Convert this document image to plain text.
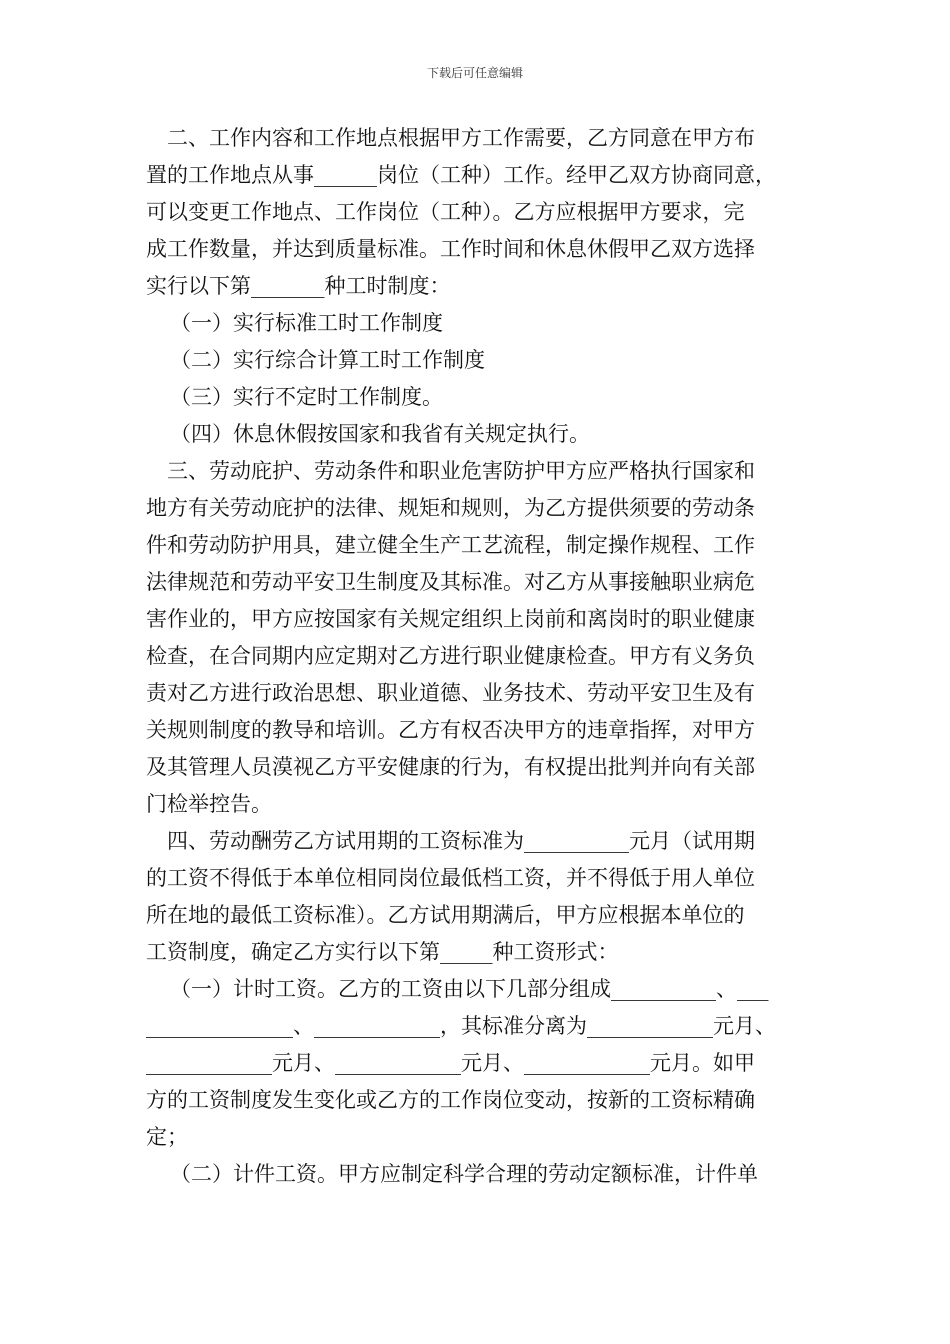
下载后可任意编辑
二、工作内容和工作地点根据甲方工作需要，乙方同意在甲方布
置的工作地点从事______岗位（工种）工作。经甲乙双方协商同意，
可以变更工作地点、工作岗位（工种）。乙方应根据甲方要求，完
成工作数量，并达到质量标准。工作时间和休息休假甲乙双方选择
实行以下第_______种工时制度：
（一）实行标准工时工作制度
（二）实行综合计算工时工作制度
（三）实行不定时工作制度。
（四）休息休假按国家和我省有关规定执行。
三、劳动庇护、劳动条件和职业危害防护甲方应严格执行国家和
地方有关劳动庇护的法律、规矩和规则，为乙方提供须要的劳动条
件和劳动防护用具，建立健全生产工艺流程，制定操作规程、工作
法律规范和劳动平安卫生制度及其标准。对乙方从事接触职业病危
害作业的，甲方应按国家有关规定组织上岗前和离岗时的职业健康
检查，在合同期内应定期对乙方进行职业健康检查。甲方有义务负
责对乙方进行政治思想、职业道德、业务技术、劳动平安卫生及有
关规则制度的教导和培训。乙方有权否决甲方的违章指挥，对甲方
及其管理人员漠视乙方平安健康的行为，有权提出批判并向有关部
门检举控告。
四、劳动酬劳乙方试用期的工资标准为__________元月（试用期
的工资不得低于本单位相同岗位最低档工资，并不得低于用人单位
所在地的最低工资标准）。乙方试用期满后，甲方应根据本单位的
工资制度，确定乙方实行以下第_____种工资形式：
（一）计时工资。乙方的工资由以下几部分组成__________、___
______________、____________，其标准分离为____________元月、
____________元月、____________元月、____________元月。如甲
方的工资制度发生变化或乙方的工作岗位变动，按新的工资标精确
定；
（二）计件工资。甲方应制定科学合理的劳动定额标准，计件单
